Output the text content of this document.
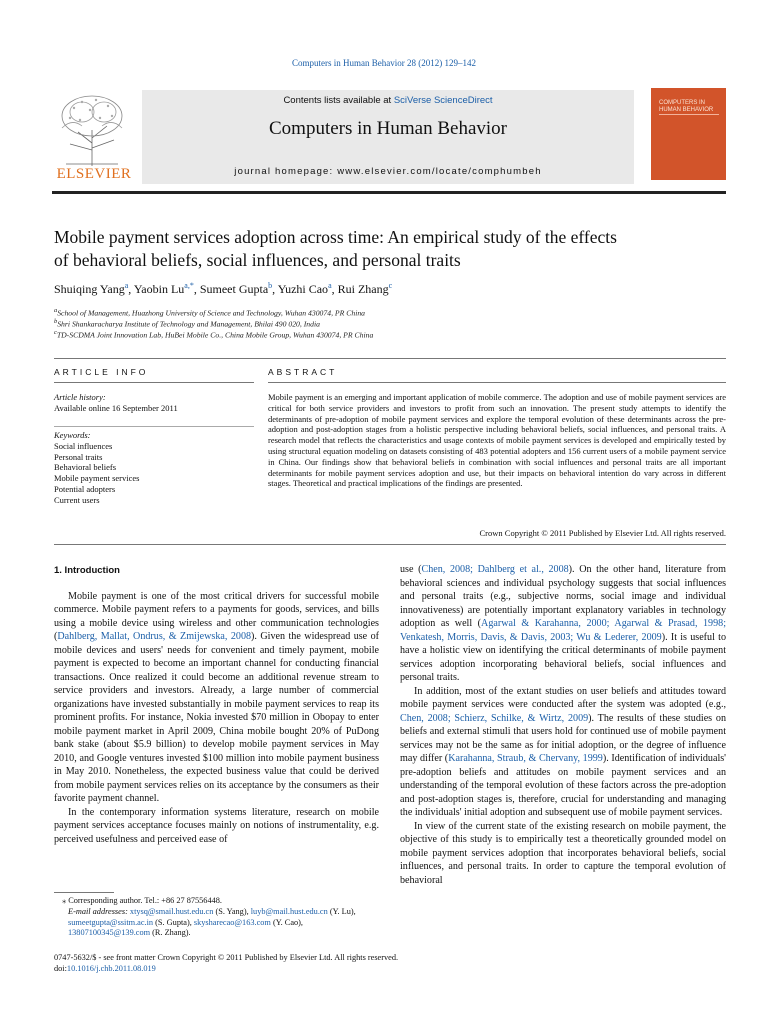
Computers in Human Behavior 28 (2012) 129–142
ELSEVIER
Contents lists available at SciVerse ScienceDirect
Computers in Human Behavior
journal homepage: www.elsevier.com/locate/comphumbeh
COMPUTERS IN HUMAN BEHAVIOR
Mobile payment services adoption across time: An empirical study of the effects
of behavioral beliefs, social influences, and personal traits
Shuiqing Yang$^a$, Yaobin $Lu^{a,*}$, Sumeet Gupta$^b$, Yuzhi Cao$^a$, Rui Zhang$^c$
$^a$School of Management, Huazhong University of Science and Technology, Wuhan 430074, PR China
$^b$Shri Shankaracharya Institute of Technology and Management, Bhilai 490 020, India
$^c$TD-SCDMA Joint Innovation Lab, HuBei Mobile Co., China Mobile Group, Wuhan 430074, PR China
ARTICLE INFO	ABSTRACT
Article history:
Available online 16 September 2011
Keywords:
Social influences
Personal traits
Behavioral beliefs
Mobile payment services
Potential adopters
Current users
Mobile payment is an emerging and important application of mobile commerce. The adoption and use of mobile payment services are critical for both service providers and investors to profit from such an innovation. The present study attempts to identify the determinants of pre-adoption of mobile payment services and explore the temporal evolution of these determinants across the pre-adoption and post-adoption stages from a holistic perspective including behavioral beliefs, social influences, and personal traits. A research model that reflects the characteristics and usage contexts of mobile payment services is developed and empirically tested by using structural equation modeling on datasets consisting of 483 potential adopters and 156 current users of a mobile payment service in China. Our findings show that behavioral beliefs in combination with social influences and personal traits are all important determinants for mobile payment services adoption and use, but their impacts on behavioral intention do vary across in different stages. Theoretical and practical implications of the findings are presented.
Crown Copyright © 2011 Published by Elsevier Ltd. All rights reserved.
1. Introduction

Mobile payment is one of the most critical drivers for successful mobile commerce. Mobile payment refers to a payments for goods, services, and bills using a mobile device using wireless and other communication technologies (Dahlberg, Mallat, Ondrus, & Zmijewska, 2008). Given the widespread use of mobile devices and users' needs for convenient and timely payment, mobile payment is expected to become an important channel for conducting financial transactions. Once realized it could become an additional revenue stream to service providers and investors. Already, a large number of commercial organizations have invested substantially in mobile payment services to reap its prominent profits. For instance, Nokia invested $70 million in Obopay to enter mobile payment market in April 2009, China mobile bought 20% of PuDong bank stake (about $5.9 billion) to develop mobile payment services in May 2010, and Google ventures invested $100 million into mobile payment business in May 2010. Nonetheless, the expected business value that could be derived from mobile payment services relies on its acceptance by the consumers as their favorite payment channel.

In the contemporary information systems literature, research on mobile payment services acceptance focuses mainly on notions of instrumentality, e.g. perceived usefulness and perceived ease of

⁎ Corresponding author. Tel.: +86 27 87556448.
E-mail addresses: xtysq@smail.hust.edu.cn (S. Yang), luyb@mail.hust.edu.cn (Y. Lu), sumeetgupta@ssitm.ac.in (S. Gupta), skysharecao@163.com (Y. Cao), 13807100345@139.com (R. Zhang).

use (Chen, 2008; Dahlberg et al., 2008). On the other hand, literature from behavioral sciences and individual psychology suggests that social influences and personal traits (e.g., subjective norms, social image and individual innovativeness) are potentially important explanatory variables in technology adoption as well (Agarwal & Karahanna, 2000; Agarwal & Prasad, 1998; Venkatesh, Morris, Davis, & Davis, 2003; Wu & Lederer, 2009). It is useful to have a holistic view on identifying the critical determinants of mobile payment services adoption incorporating behavioral beliefs, social influences and personal traits.

In addition, most of the extant studies on user beliefs and attitudes toward mobile payment services were conducted after the system was adopted (e.g., Chen, 2008; Schierz, Schilke, & Wirtz, 2009). The results of these studies on beliefs and external stimuli that users hold for continued use of mobile payment services may not be the same as for initial adoption, or the degree of influence may differ (Karahanna, Straub, & Chervany, 1999). Identification of individuals' pre-adoption beliefs and attitudes on mobile payment services and an understanding of the temporal evolution of these factors across the pre-adoption and post-adoption stages is, therefore, crucial for understanding and managing the individuals' initial adoption and subsequent use of mobile payment services.

In view of the current state of the existing research on mobile payment, the objective of this study is to empirically test a theoretically grounded model on mobile payment services adoption that incorporates behavioral beliefs, social influences, and personal traits. In order to capture the temporal evolution of behavioral

0747-5632/$ - see front matter Crown Copyright © 2011 Published by Elsevier Ltd. All rights reserved.
doi:10.1016/j.chb.2011.08.019
